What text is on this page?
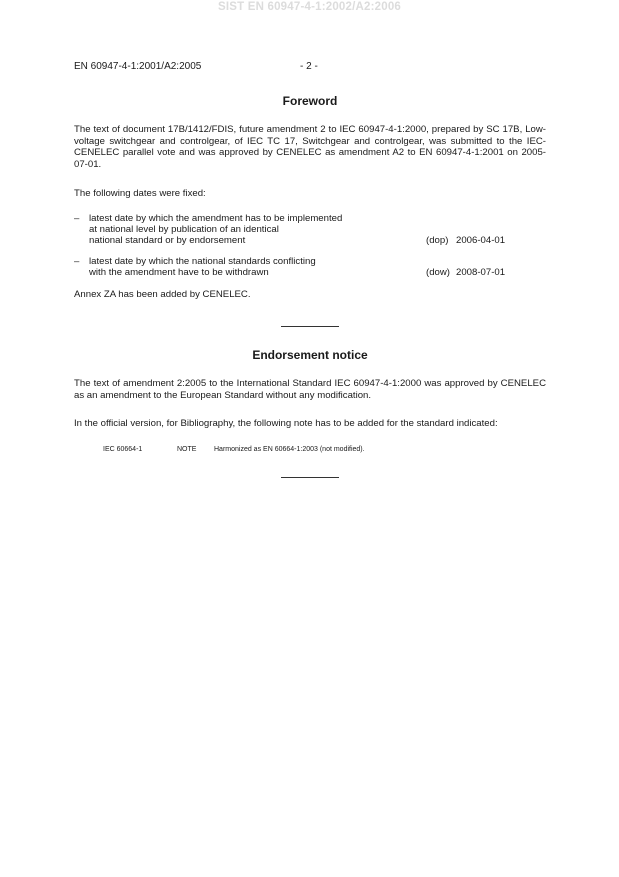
SIST EN 60947-4-1:2002/A2:2006
EN 60947-4-1:2001/A2:2005	- 2 -
Foreword

The text of document 17B/1412/FDIS, future amendment 2 to IEC 60947-4-1:2000, prepared by SC 17B, Low-voltage switchgear and controlgear, of IEC TC 17, Switchgear and controlgear, was submitted to the IEC-CENELEC parallel vote and was approved by CENELEC as amendment A2 to EN 60947-4-1:2001 on 2005-07-01.

The following dates were fixed:

– latest date by which the amendment has to be implemented
at national level by publication of an identical
national standard or by endorsement	(dop) 2006-04-01
– latest date by which the national standards conflicting
with the amendment have to be withdrawn	(dow) 2008-07-01

Annex ZA has been added by CENELEC.

Endorsement notice

The text of amendment 2:2005 to the International Standard IEC 60947-4-1:2000 was approved by CENELEC as an amendment to the European Standard without any modification.

In the official version, for Bibliography, the following note has to be added for the standard indicated:

IEC 60664-1	NOTE	Harmonized as EN 60664-1:2003 (not modified).
